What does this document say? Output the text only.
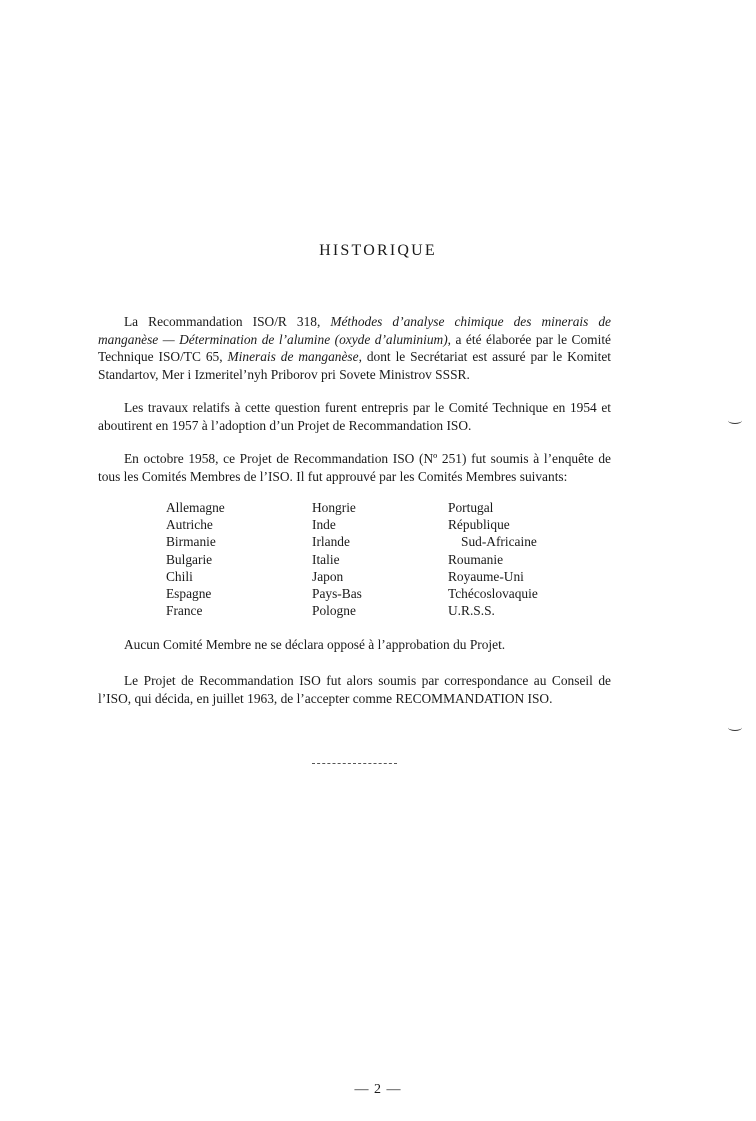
HISTORIQUE
La Recommandation ISO/R 318, Méthodes d’analyse chimique des minerais de manganèse — Détermination de l’alumine (oxyde d’aluminium), a été élaborée par le Comité Technique ISO/TC 65, Minerais de manganèse, dont le Secrétariat est assuré par le Komitet Standartov, Mer i Izmeritel’nyh Priborov pri Sovete Ministrov SSSR.
Les travaux relatifs à cette question furent entrepris par le Comité Technique en 1954 et aboutirent en 1957 à l’adoption d’un Projet de Recommandation ISO.
En octobre 1958, ce Projet de Recommandation ISO (Nº 251) fut soumis à l’enquête de tous les Comités Membres de l’ISO. Il fut approuvé par les Comités Membres suivants:
Allemagne
Autriche
Birmanie
Bulgarie
Chili
Espagne
France
Hongrie
Inde
Irlande
Italie
Japon
Pays-Bas
Pologne
Portugal
République
Sud-Africaine
Roumanie
Royaume-Uni
Tchécoslovaquie
U.R.S.S.
Aucun Comité Membre ne se déclara opposé à l’approbation du Projet.
Le Projet de Recommandation ISO fut alors soumis par correspondance au Conseil de l’ISO, qui décida, en juillet 1963, de l’accepter comme RECOMMANDATION ISO.
— 2 —
